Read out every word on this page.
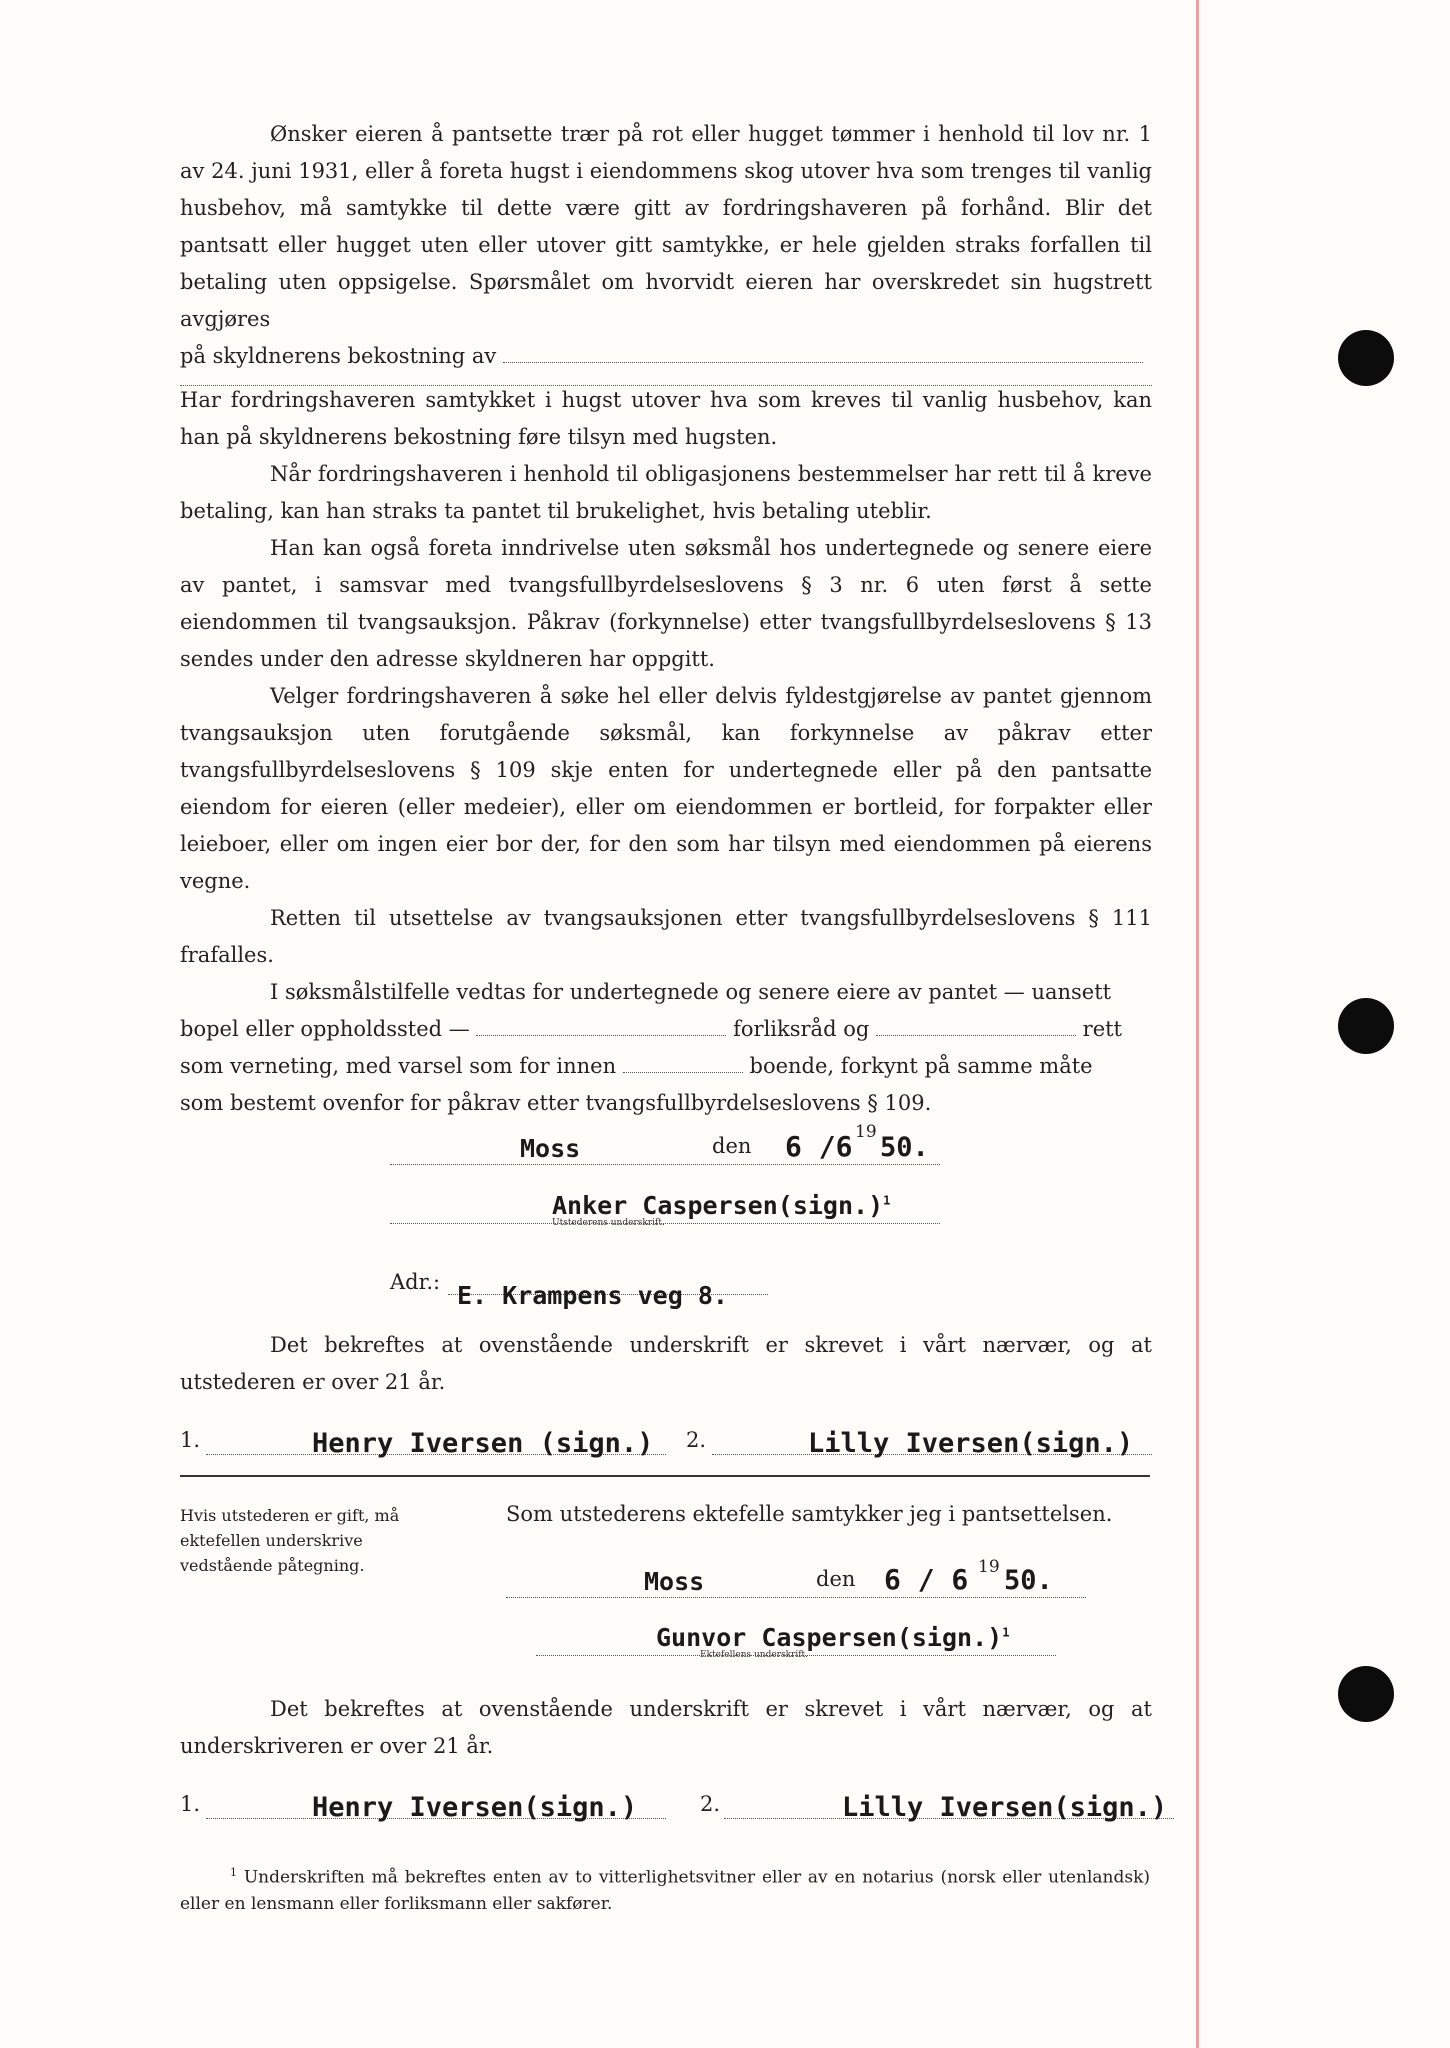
Ønsker eieren å pantsette trær på rot eller hugget tømmer i henhold til lov nr. 1 av 24. juni 1931, eller å foreta hugst i eiendommens skog utover hva som trenges til vanlig husbehov, må samtykke til dette være gitt av fordringshaveren på forhånd. Blir det pantsatt eller hugget uten eller utover gitt samtykke, er hele gjelden straks forfallen til betaling uten oppsigelse. Spørsmålet om hvorvidt eieren har overskredet sin hugstrett avgjøres

på skyldnerens bekostning av

Har fordringshaveren samtykket i hugst utover hva som kreves til vanlig husbehov, kan han på skyldnerens bekostning føre tilsyn med hugsten.

Når fordringshaveren i henhold til obligasjonens bestemmelser har rett til å kreve betaling, kan han straks ta pantet til brukelighet, hvis betaling uteblir.

Han kan også foreta inndrivelse uten søksmål hos undertegnede og senere eiere av pantet, i samsvar med tvangsfullbyrdelseslovens § 3 nr. 6 uten først å sette eiendommen til tvangsauksjon. Påkrav (forkynnelse) etter tvangsfullbyrdelseslovens § 13 sendes under den adresse skyldneren har oppgitt.

Velger fordringshaveren å søke hel eller delvis fyldestgjørelse av pantet gjennom tvangsauksjon uten forutgående søksmål, kan forkynnelse av påkrav etter tvangsfullbyrdelseslovens § 109 skje enten for undertegnede eller på den pantsatte eiendom for eieren (eller medeier), eller om eiendommen er bortleid, for forpakter eller leieboer, eller om ingen eier bor der, for den som har tilsyn med eiendommen på eierens vegne.

Retten til utsettelse av tvangsauksjonen etter tvangsfullbyrdelseslovens § 111 frafalles.

I søksmålstilfelle vedtas for undertegnede og senere eiere av pantet — uansett

bopel eller oppholdssted —	forliksråd og	rett

som verneting, med varsel som for innen	boende, forkynt på samme måte

som bestemt ovenfor for påkrav etter tvangsfullbyrdelseslovens § 109.

Moss	den 6 /6 19 50.
Anker Caspersen(sign.)$^1$
Utstederens underskrift.
Adr.: E. Krampens veg 8.
Det bekreftes at ovenstående underskrift er skrevet i vårt nærvær, og at utstederen er over 21 år.
1.	Henry Iversen (sign.) 2.	Lilly Iversen(sign.)
Hvis utstederen er gift, må ektefellen underskrive vedstående påtegning.
Som utstederens ektefelle samtykker jeg i pantsettelsen.
Moss	den 6 / 6 19 50.
Gunvor Caspersen(sign.)$^1$
Ektefellens underskrift.
Det bekreftes at ovenstående underskrift er skrevet i vårt nærvær, og at underskriveren er over 21 år.
1.	Henry Iversen(sign.)	2.	Lilly Iversen(sign.)
$^1$ Underskriften må bekreftes enten av to vitterlighetsvitner eller av en notarius (norsk eller utenlandsk) eller en lensmann eller forliksmann eller sakfører.
